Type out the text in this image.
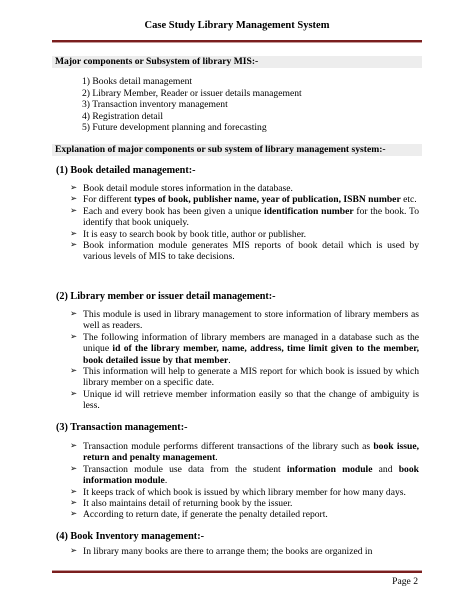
Case Study Library Management System
Major components or Subsystem of library MIS:-
1) Books detail management
2) Library Member, Reader or issuer details management
3) Transaction inventory management
4) Registration detail
5) Future development planning and forecasting
Explanation of major components or sub system of library management system:-
(1) Book detailed management:-
➢ Book detail module stores information in the database.
➢ For different types of book, publisher name, year of publication, ISBN number etc.
➢ Each and every book has been given a unique identification number for the book. To identify that book uniquely.
➢ It is easy to search book by book title, author or publisher.
➢ Book information module generates MIS reports of book detail which is used by various levels of MIS to take decisions.
(2) Library member or issuer detail management:-
➢ This module is used in library management to store information of library members as well as readers.
➢ The following information of library members are managed in a database such as the unique id of the library member, name, address, time limit given to the member, book detailed issue by that member.
➢ This information will help to generate a MIS report for which book is issued by which library member on a specific date.
➢ Unique id will retrieve member information easily so that the change of ambiguity is less.
(3) Transaction management:-
➢ Transaction module performs different transactions of the library such as book issue, return and penalty management.
➢ Transaction module use data from the student information module and book information module.
➢ It keeps track of which book is issued by which library member for how many days.
➢ It also maintains detail of returning book by the issuer.
➢ According to return date, if generate the penalty detailed report.
(4) Book Inventory management:-
➢ In library many books are there to arrange them; the books are organized in
Page 2
